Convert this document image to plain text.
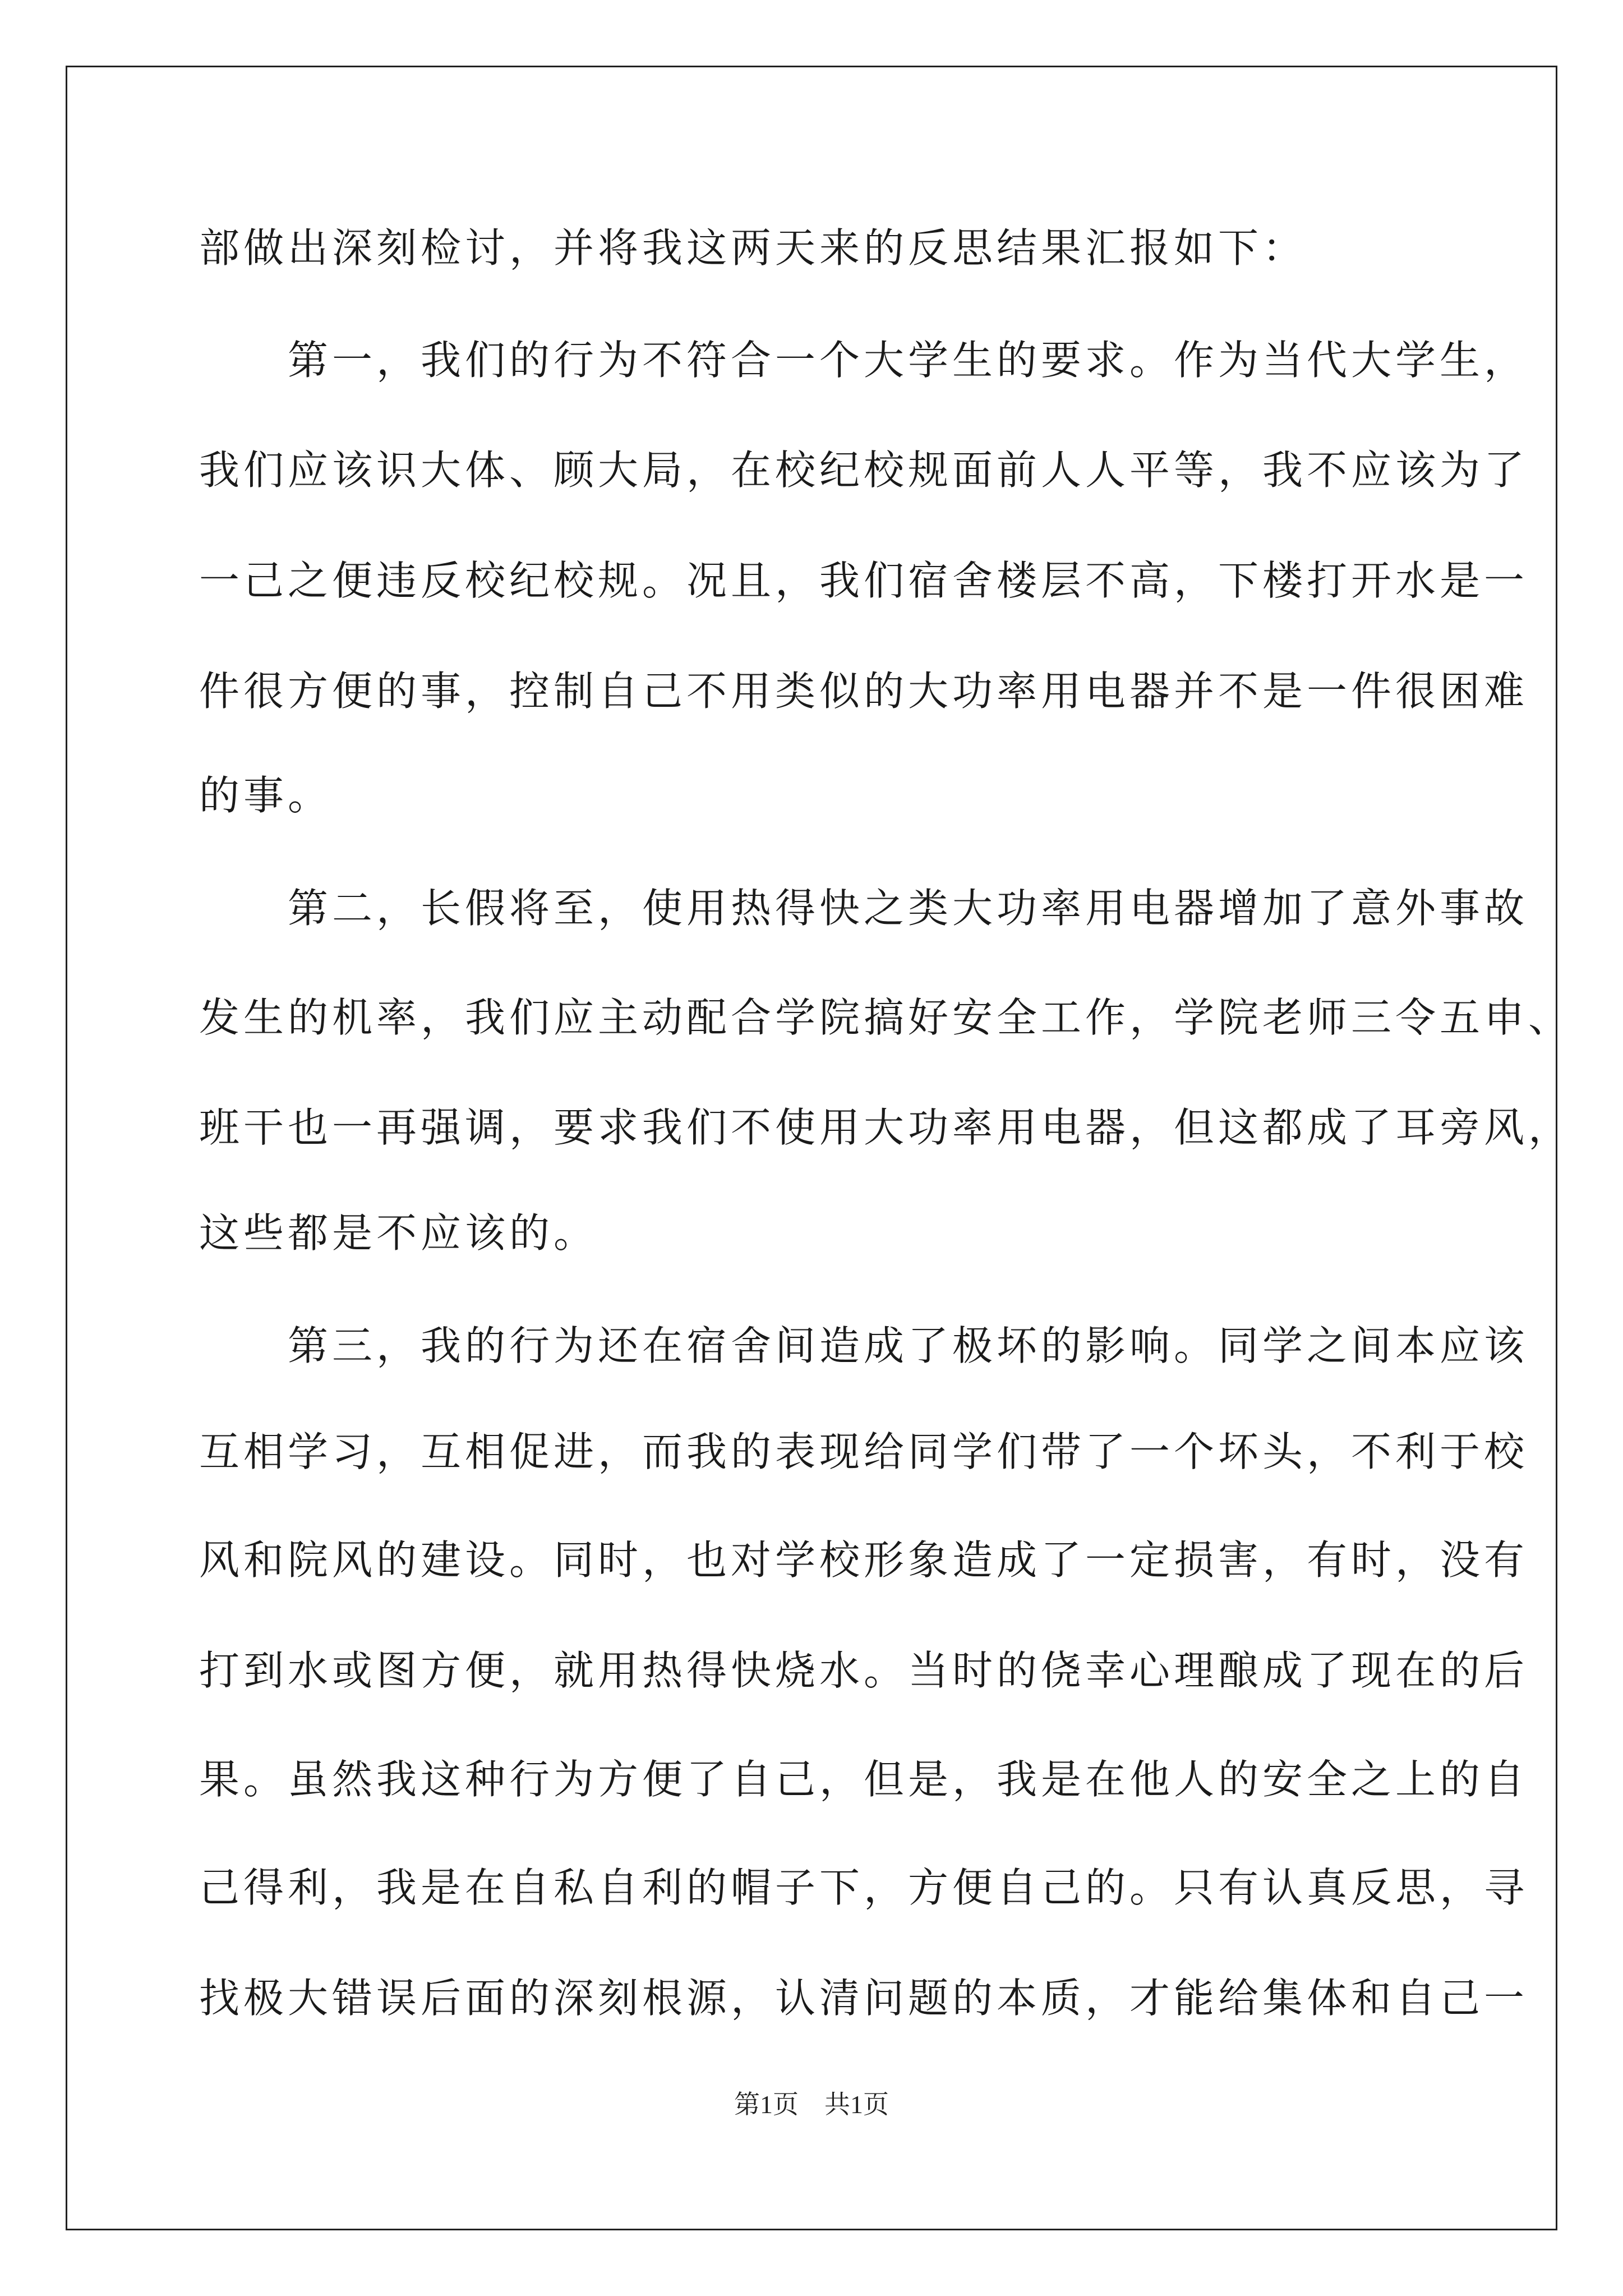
部做出深刻检讨，并将我这两天来的反思结果汇报如下：
　　第一，我们的行为不符合一个大学生的要求。作为当代大学生，
我们应该识大体、顾大局，在校纪校规面前人人平等，我不应该为了
一己之便违反校纪校规。况且，我们宿舍楼层不高，下楼打开水是一
件很方便的事，控制自己不用类似的大功率用电器并不是一件很困难
的事。
　　第二，长假将至，使用热得快之类大功率用电器增加了意外事故
发生的机率，我们应主动配合学院搞好安全工作，学院老师三令五申、
班干也一再强调，要求我们不使用大功率用电器，但这都成了耳旁风，
这些都是不应该的。
　　第三，我的行为还在宿舍间造成了极坏的影响。同学之间本应该
互相学习，互相促进，而我的表现给同学们带了一个坏头，不利于校
风和院风的建设。同时，也对学校形象造成了一定损害，有时，没有
打到水或图方便，就用热得快烧水。当时的侥幸心理酿成了现在的后
果。虽然我这种行为方便了自己，但是，我是在他人的安全之上的自
己得利，我是在自私自利的帽子下，方便自己的。只有认真反思，寻
找极大错误后面的深刻根源，认清问题的本质，才能给集体和自己一
第1页　共1页
